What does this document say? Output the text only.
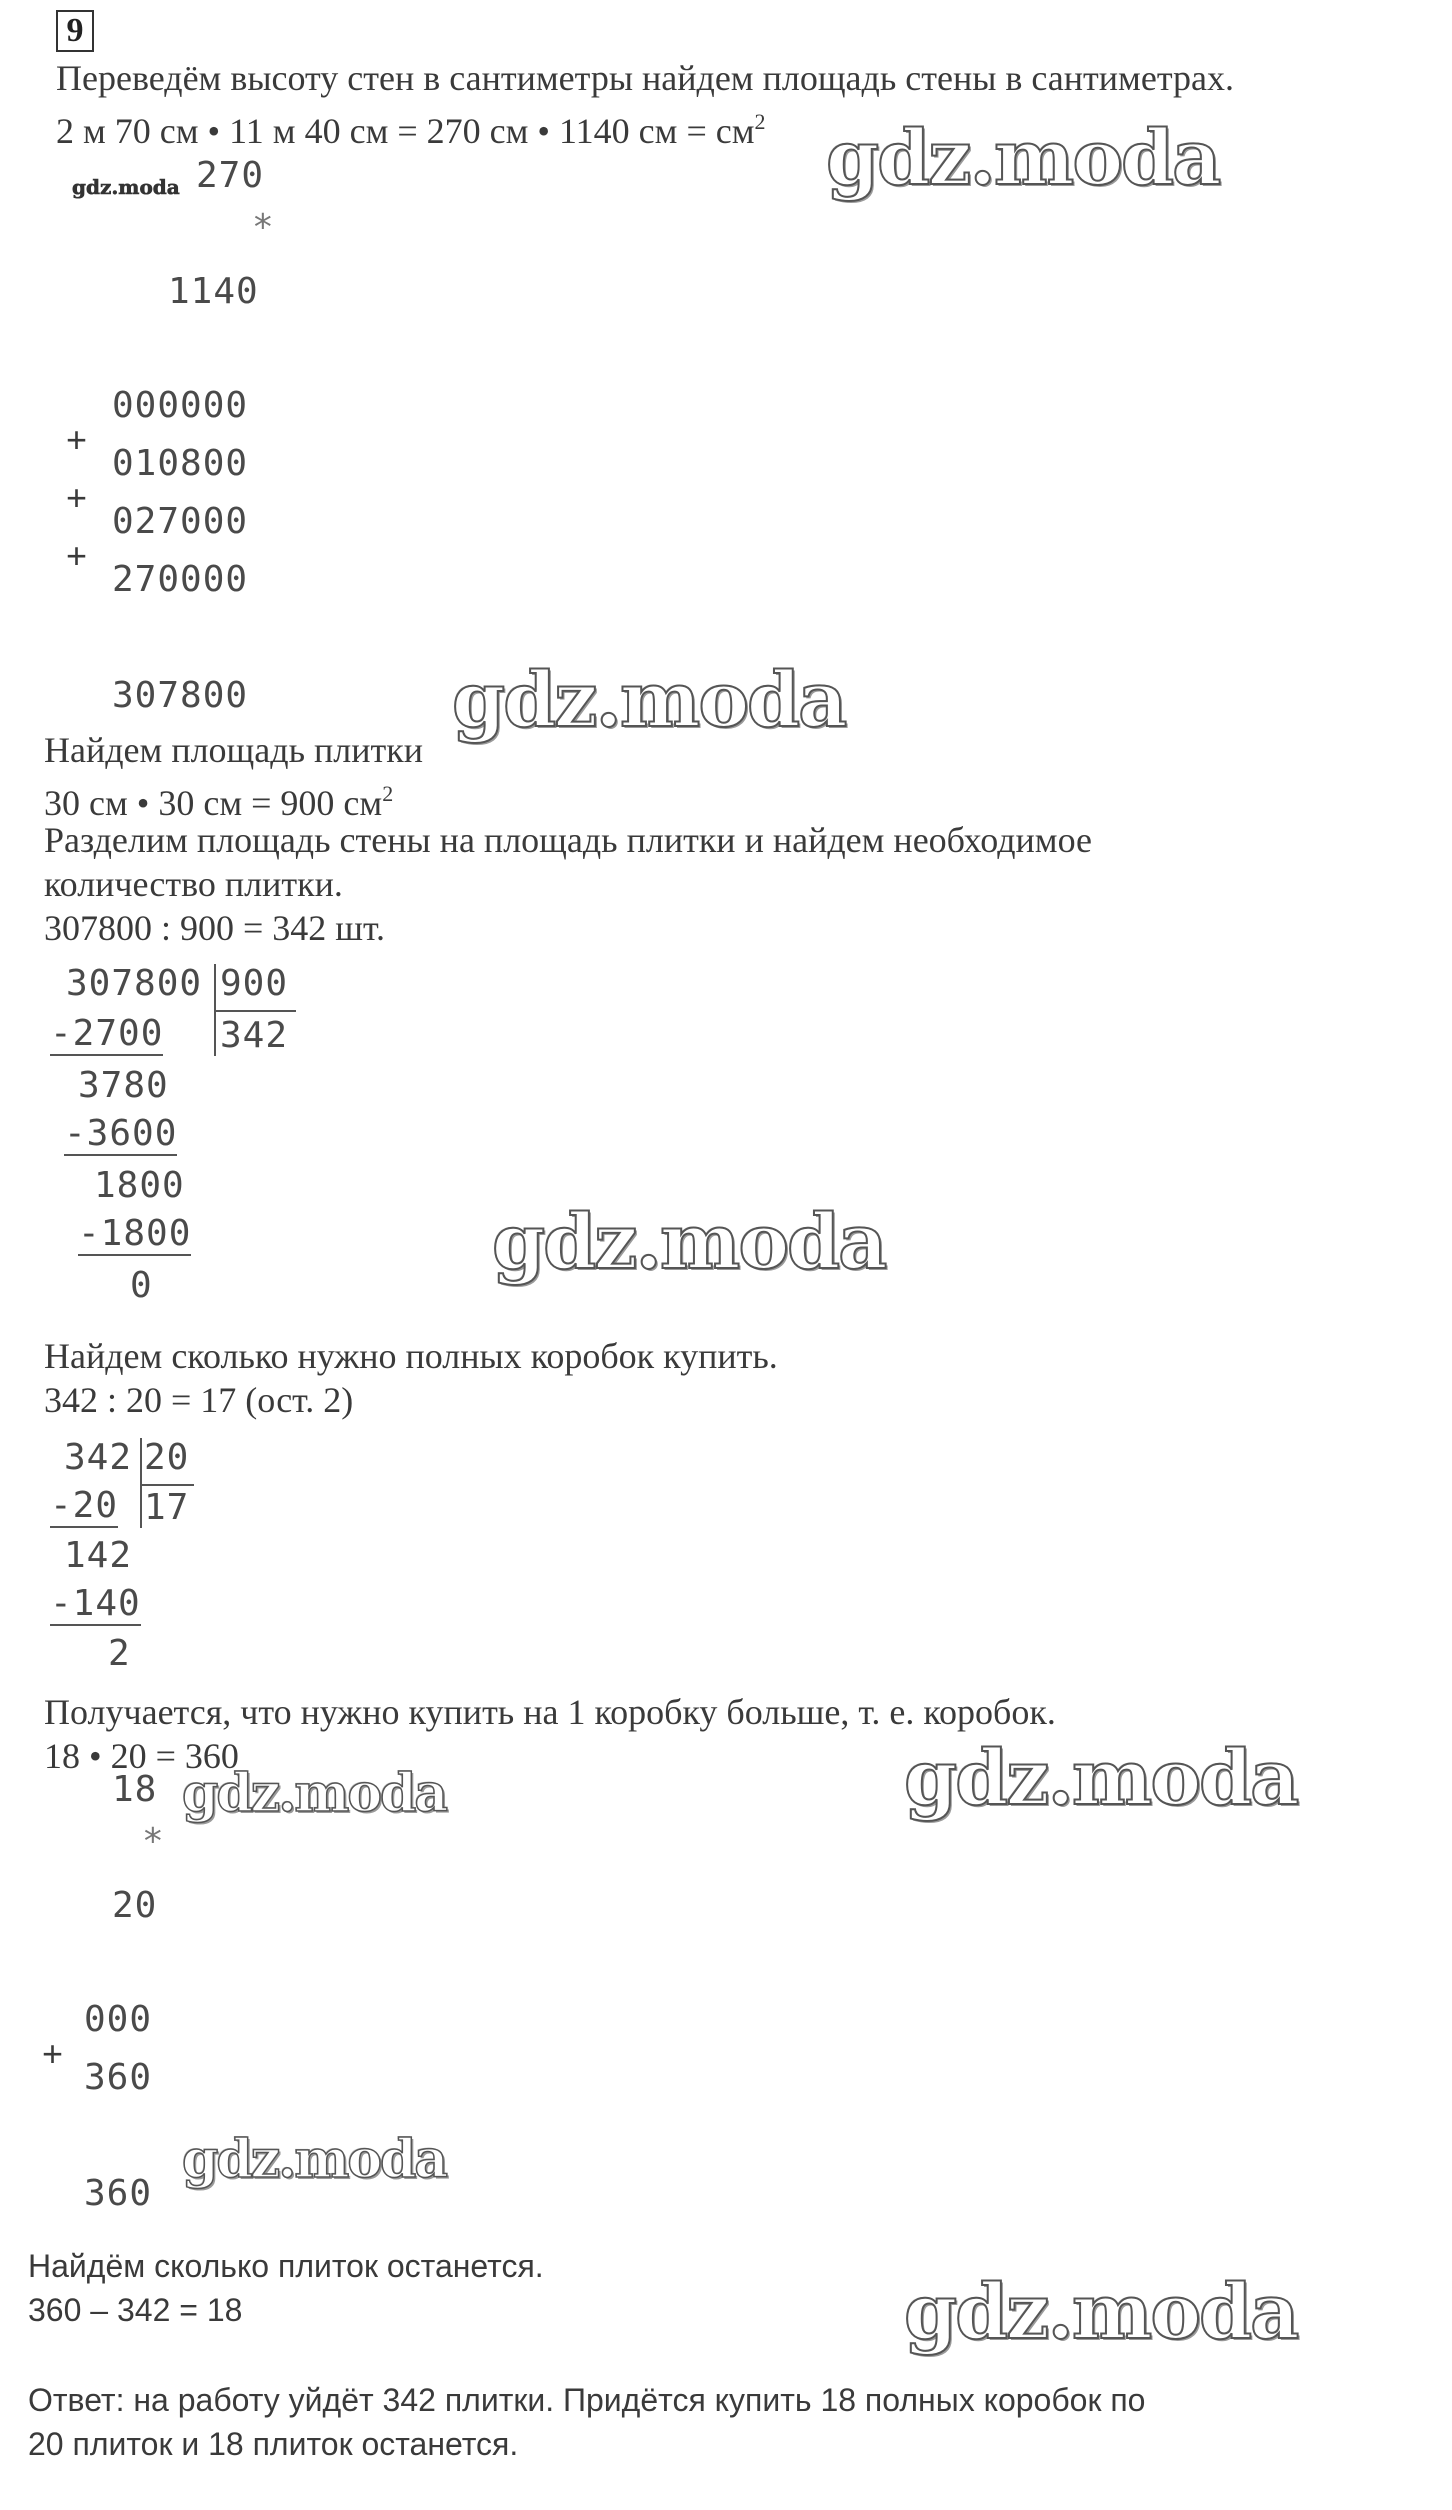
9
Переведём высоту стен в сантиметры найдем площадь стены в сантиметрах.
2 м 70 см • 11 м 40 см = 270 см • 1140 см = $см^2$
gdz.moda 270
*
1140
000000
+
010800
+
027000
+
270000
307800
gdz.moda
gdz.moda
Найдем площадь плитки
30 см • 30 см = 900 $см^2$
Разделим площадь стены на площадь плитки и найдем необходимое
количество плитки.
307800 : 900 = 342 шт.
307800 900
342
-2700
3780
-3600
1800
-1800
0	gdz.moda
Найдем сколько нужно полных коробок купить.
342 : 20 = 17 (ост. 2)
342 20
17
-20
142
-140
2
Получается, что нужно купить на 1 коробку больше, т. е. коробок.
18 • 20 = 360
18 gdz.moda
*
20
000
+
360
360
gdz.moda
gdz.moda
Найдём сколько плиток останется.
360 – 342 = 18	gdz.moda
Ответ: на работу уйдёт 342 плитки. Придётся купить 18 полных коробок по
20 плиток и 18 плиток останется.
